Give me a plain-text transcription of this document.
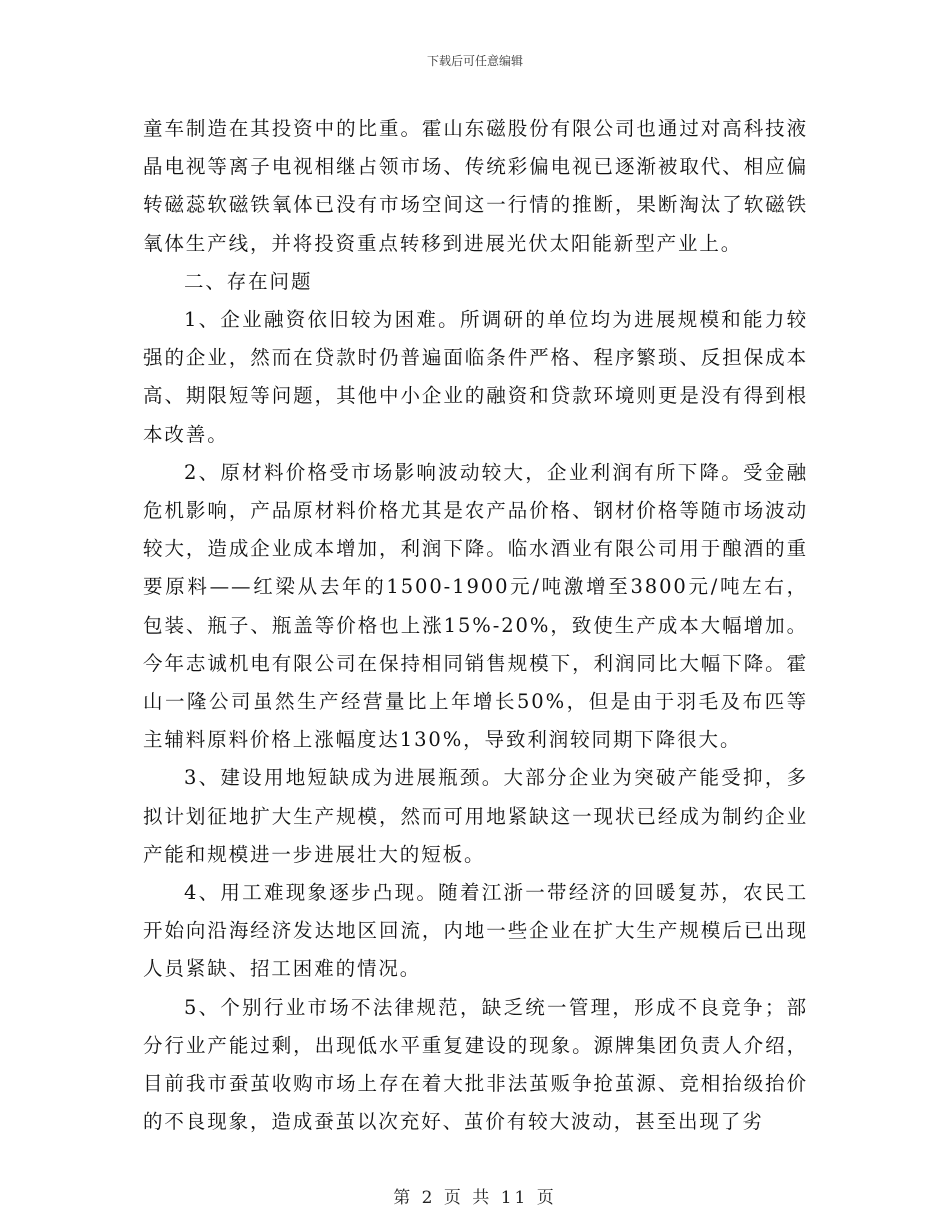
下载后可任意编辑

童车制造在其投资中的比重。霍山东磁股份有限公司也通过对高科技液晶电视等离子电视相继占领市场、传统彩偏电视已逐渐被取代、相应偏转磁蕊软磁铁氧体已没有市场空间这一行情的推断，果断淘汰了软磁铁氧体生产线，并将投资重点转移到进展光伏太阳能新型产业上。

二、存在问题

1、企业融资依旧较为困难。所调研的单位均为进展规模和能力较强的企业，然而在贷款时仍普遍面临条件严格、程序繁琐、反担保成本高、期限短等问题，其他中小企业的融资和贷款环境则更是没有得到根本改善。

2、原材料价格受市场影响波动较大，企业利润有所下降。受金融危机影响，产品原材料价格尤其是农产品价格、钢材价格等随市场波动较大，造成企业成本增加，利润下降。临水酒业有限公司用于酿酒的重要原料——红梁从去年的1500-1900元/吨激增至3800元/吨左右，包装、瓶子、瓶盖等价格也上涨15%-20%，致使生产成本大幅增加。今年志诚机电有限公司在保持相同销售规模下，利润同比大幅下降。霍山一隆公司虽然生产经营量比上年增长50%，但是由于羽毛及布匹等主辅料原料价格上涨幅度达130%，导致利润较同期下降很大。

3、建设用地短缺成为进展瓶颈。大部分企业为突破产能受抑，多拟计划征地扩大生产规模，然而可用地紧缺这一现状已经成为制约企业产能和规模进一步进展壮大的短板。

4、用工难现象逐步凸现。随着江浙一带经济的回暖复苏，农民工开始向沿海经济发达地区回流，内地一些企业在扩大生产规模后已出现人员紧缺、招工困难的情况。

5、个别行业市场不法律规范，缺乏统一管理，形成不良竞争；部分行业产能过剩，出现低水平重复建设的现象。源牌集团负责人介绍，目前我市蚕茧收购市场上存在着大批非法茧贩争抢茧源、竞相抬级抬价的不良现象，造成蚕茧以次充好、茧价有较大波动，甚至出现了劣

第 2 页 共 11 页
